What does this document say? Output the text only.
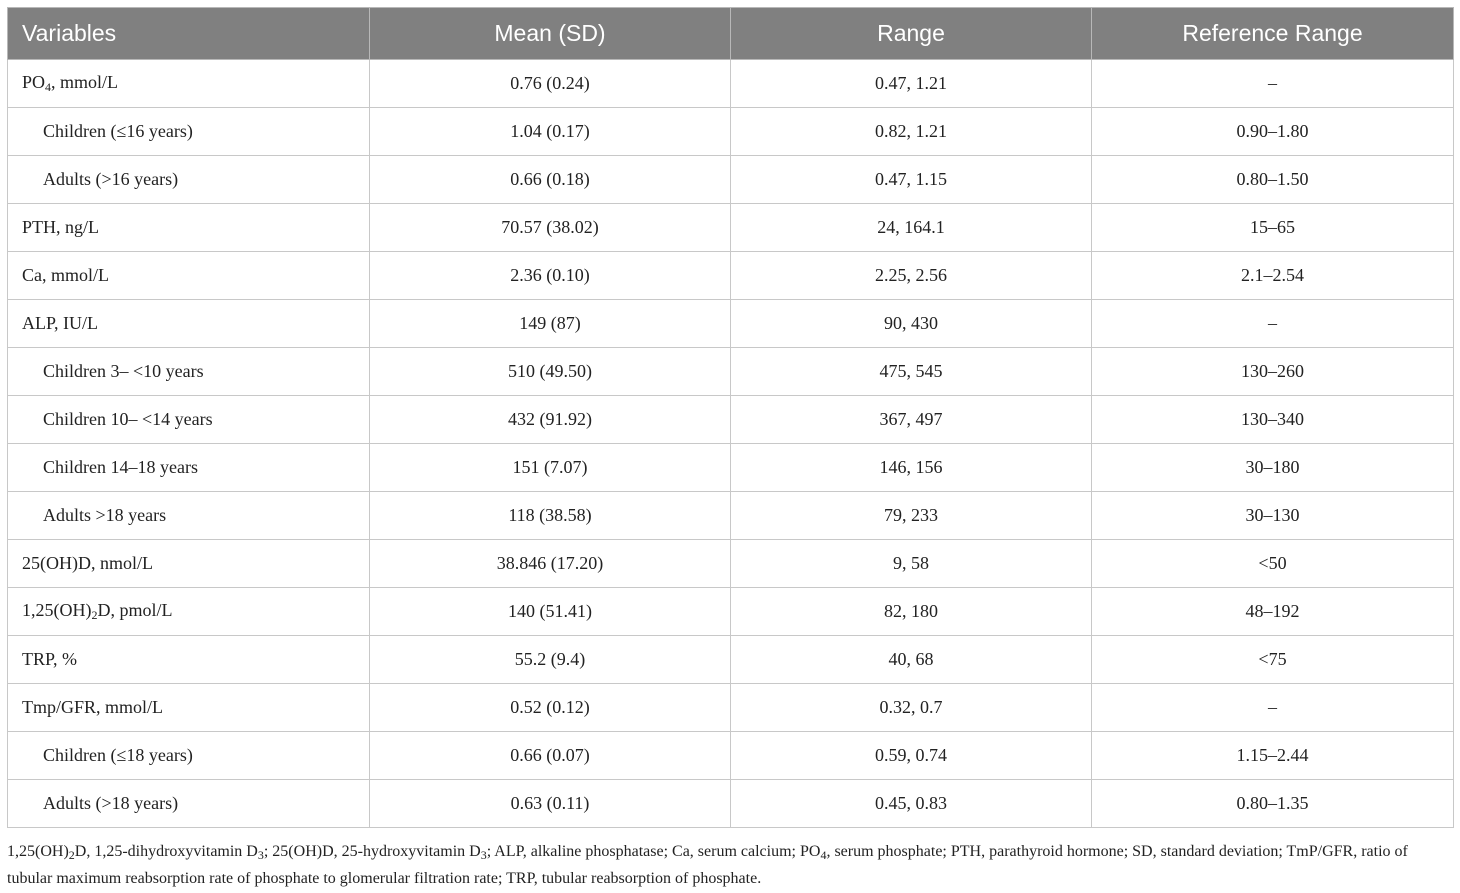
Variables	Mean (SD)	Range	Reference Range
$PO_4$, mmol/L	0.76 (0.24)	0.47, 1.21	–
Children (≤16 years)	1.04 (0.17)	0.82, 1.21	0.90–1.80
Adults (>16 years)	0.66 (0.18)	0.47, 1.15	0.80–1.50
PTH, ng/L	70.57 (38.02)	24, 164.1	15–65
Ca, mmol/L	2.36 (0.10)	2.25, 2.56	2.1–2.54
ALP, IU/L	149 (87)	90, 430	–
Children 3– <10 years	510 (49.50)	475, 545	130–260
Children 10– <14 years	432 (91.92)	367, 497	130–340
Children 14–18 years	151 (7.07)	146, 156	30–180
Adults >18 years	118 (38.58)	79, 233	30–130
25(OH)D, nmol/L	38.846 (17.20)	9, 58	<50
$1,25(OH)_2D$, pmol/L	140 (51.41)	82, 180	48–192
TRP, %	55.2 (9.4)	40, 68	<75
Tmp/GFR, mmol/L	0.52 (0.12)	0.32, 0.7	–
Children (≤18 years)	0.66 (0.07)	0.59, 0.74	1.15–2.44
Adults (>18 years)	0.63 (0.11)	0.45, 0.83	0.80–1.35
$1,25(OH)_2D$, 1,25-dihydroxyvitamin $D_3$; 25(OH)D, 25-hydroxyvitamin $D_3$; ALP, alkaline phosphatase; Ca, serum calcium; $PO_4$, serum phosphate; PTH, parathyroid hormone; SD, standard deviation; TmP/GFR, ratio of tubular maximum reabsorption rate of phosphate to glomerular filtration rate; TRP, tubular reabsorption of phosphate.
